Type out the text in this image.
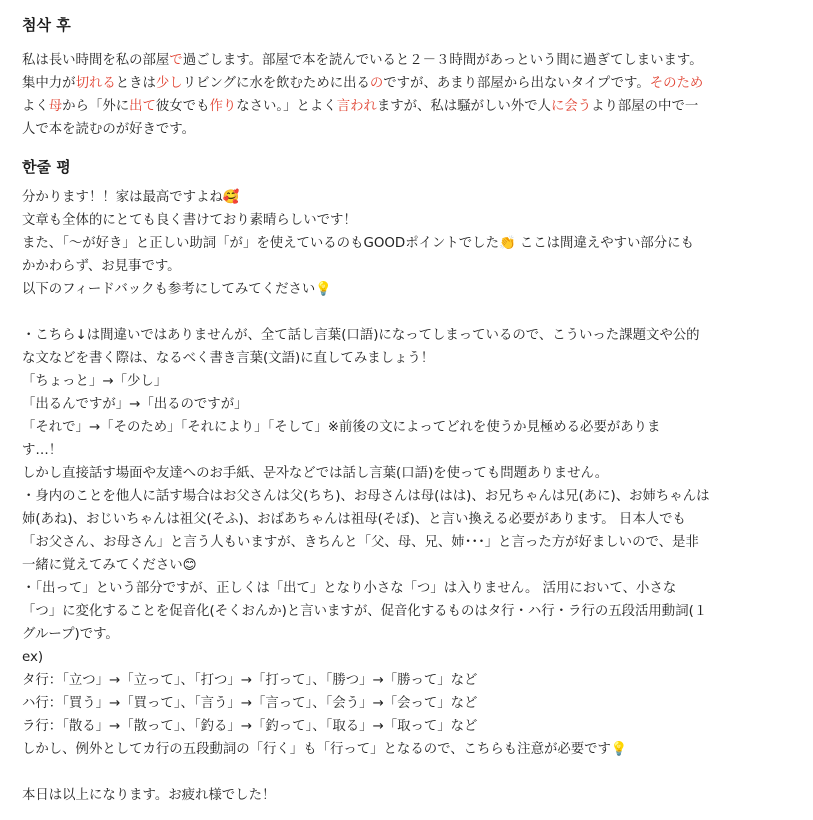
첨삭 후
私は長い時間を私の部屋で過ごします。部屋で本を読んでいると２－３時間があっという間に過ぎてしまいます。
集中力が切れるときは少しリビングに水を飲むために出るのですが、あまり部屋から出ないタイプです。そのため
よく母から「外に出て彼女でも作りなさい。」とよく言われますが、私は騒がしい外で人に会うより部屋の中で一
人で本を読むのが好きです。
한줄 평
分かります！！家は最高ですよね🥰
文章も全体的にとても良く書けており素晴らしいです！
また、「〜が好き」と正しい助詞「が」を使えているのもGOODポイントでした👏 ここは間違えやすい部分にも
かかわらず、お見事です。
以下のフィードバックも参考にしてみてください💡
・こちら↓は間違いではありませんが、全て話し言葉(口語)になってしまっているので、こういった課題文や公的
な文などを書く際は、なるべく書き言葉(文語)に直してみましょう！
「ちょっと」→「少し」
「出るんですが」→「出るのですが」
「それで」→「そのため」「それにより」「そして」※前後の文によってどれを使うか見極める必要がありま
す…！
しかし直接話す場面や友達へのお手紙、문자などでは話し言葉(口語)を使っても問題ありません。
・身内のことを他人に話す場合はお父さんは父(ちち)、お母さんは母(はは)、お兄ちゃんは兄(あに)、お姉ちゃんは
姉(あね)、おじいちゃんは祖父(そふ)、おばあちゃんは祖母(そぼ)、と言い換える必要があります。 日本人でも
「お父さん、お母さん」と言う人もいますが、きちんと「父、母、兄、姉･･･」と言った方が好ましいので、是非
一緒に覚えてみてください😊
・「出って」という部分ですが、正しくは「出て」となり小さな「つ」は入りません。 活用において、小さな
「つ」に変化することを促音化(そくおんか)と言いますが、促音化するものはタ行・ハ行・ラ行の五段活用動詞(１
グループ)です。
ex)
タ行：「立つ」→「立って」、「打つ」→「打って」、「勝つ」→「勝って」など
ハ行：「買う」→「買って」、「言う」→「言って」、「会う」→「会って」など
ラ行：「散る」→「散って」、「釣る」→「釣って」、「取る」→「取って」など
しかし、例外としてカ行の五段動詞の「行く」も「行って」となるので、こちらも注意が必要です💡
本日は以上になります。お疲れ様でした！
